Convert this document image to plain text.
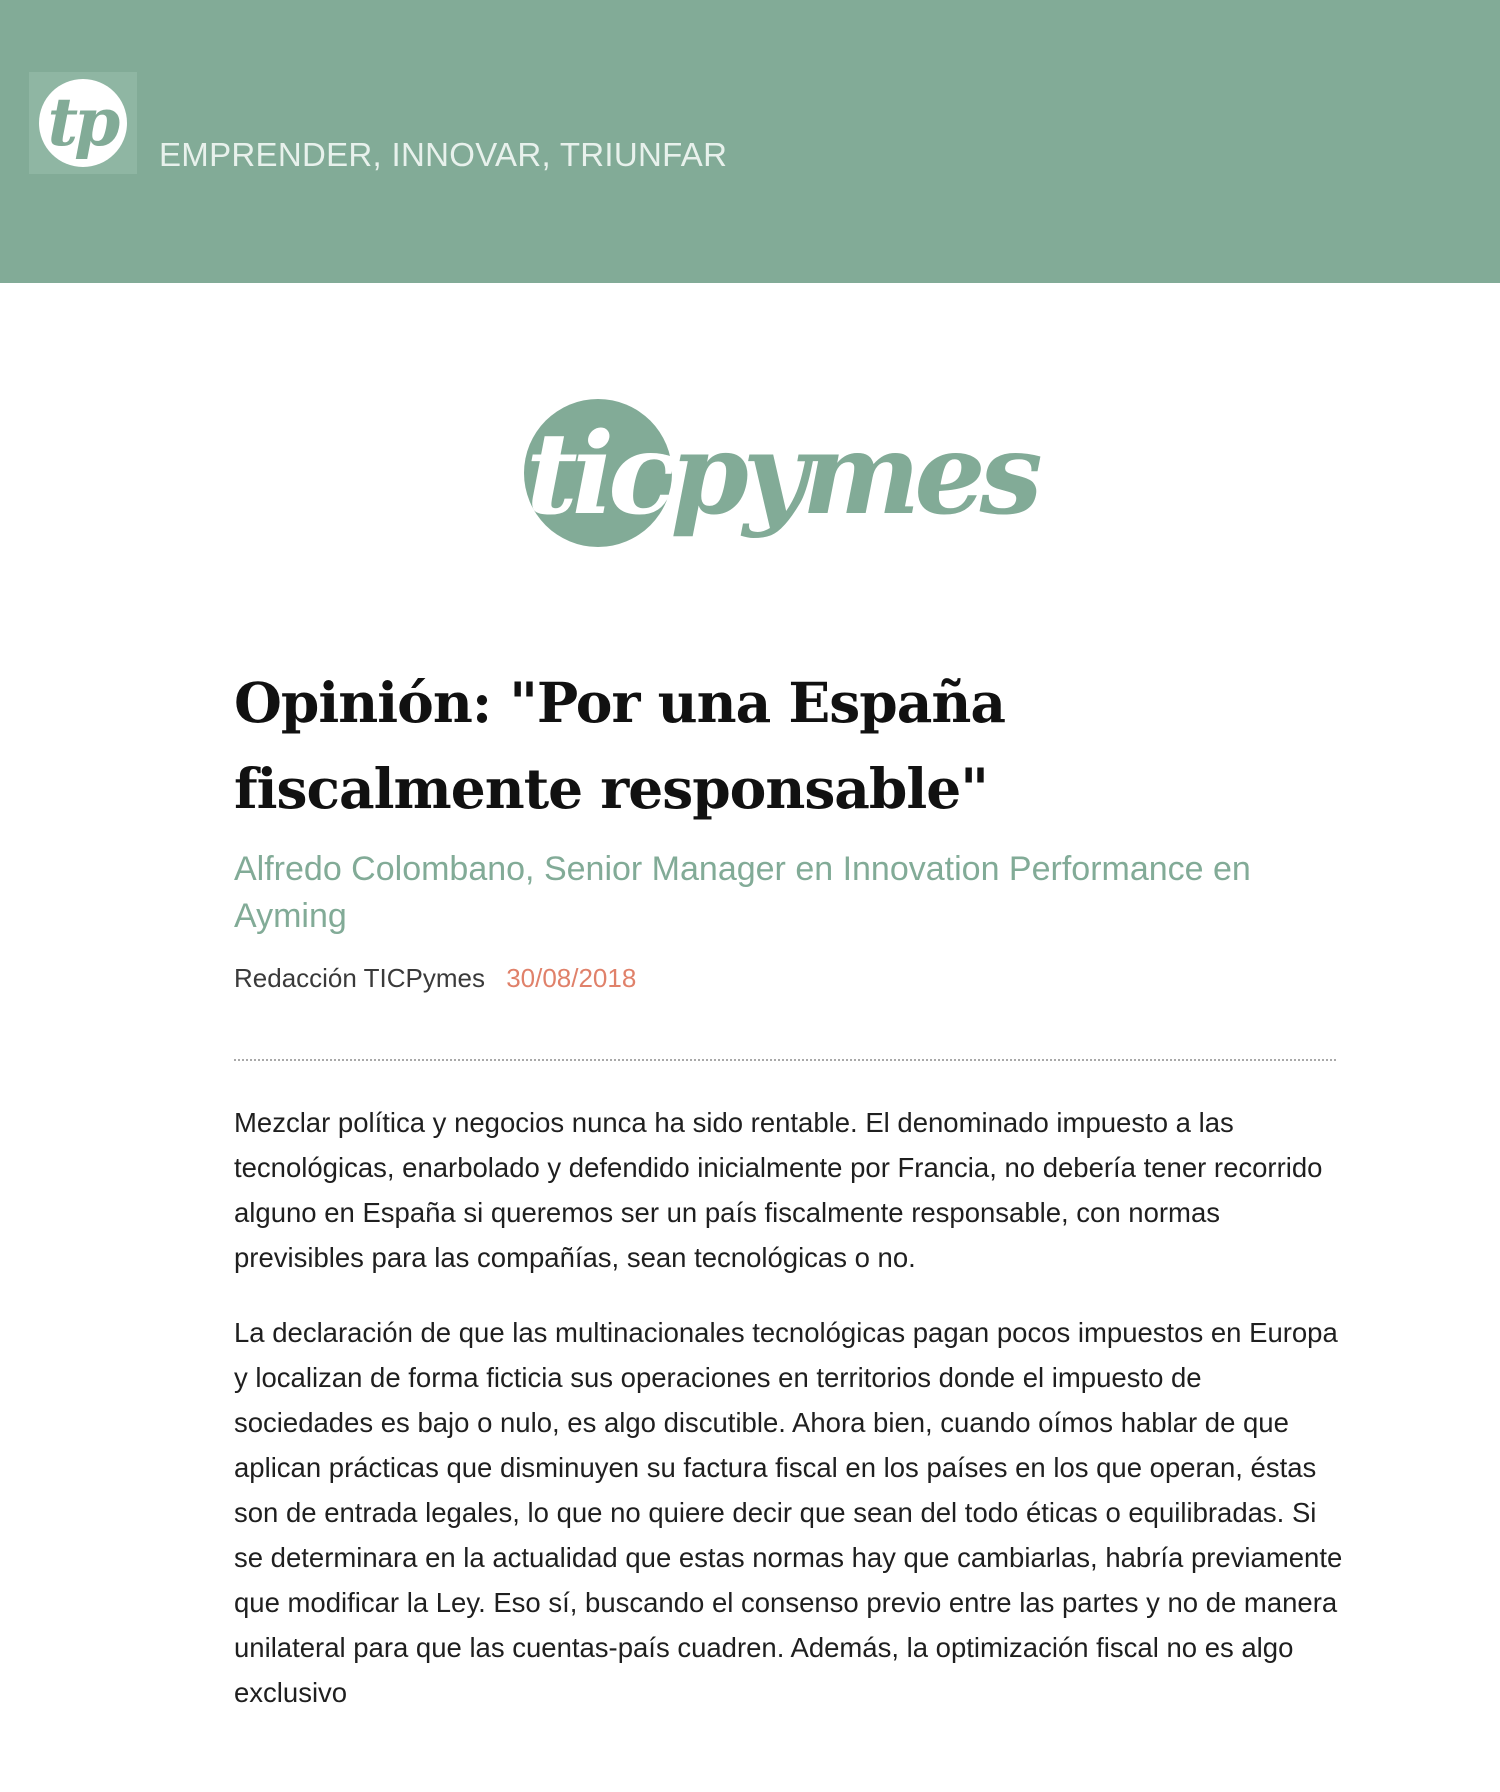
tp EMPRENDER, INNOVAR, TRIUNFAR
ticpymes
ticpymes
Opinión: "Por una España
fiscalmente responsable"

Alfredo Colombano, Senior Manager en Innovation Performance en Ayming

Redacción TICPymes 30/08/2018

Mezclar política y negocios nunca ha sido rentable. El denominado impuesto a las tecnológicas, enarbolado y defendido inicialmente por Francia, no debería tener recorrido alguno en España si queremos ser un país fiscalmente responsable, con normas previsibles para las compañías, sean tecnológicas o no.

La declaración de que las multinacionales tecnológicas pagan pocos impuestos en Europa y localizan de forma ficticia sus operaciones en territorios donde el impuesto de sociedades es bajo o nulo, es algo discutible. Ahora bien, cuando oímos hablar de que aplican prácticas que disminuyen su factura fiscal en los países en los que operan, éstas son de entrada legales, lo que no quiere decir que sean del todo éticas o equilibradas. Si se determinara en la actualidad que estas normas hay que cambiarlas, habría previamente que modificar la Ley. Eso sí, buscando el consenso previo entre las partes y no de manera unilateral para que las cuentas-país cuadren. Además, la optimización fiscal no es algo exclusivo
